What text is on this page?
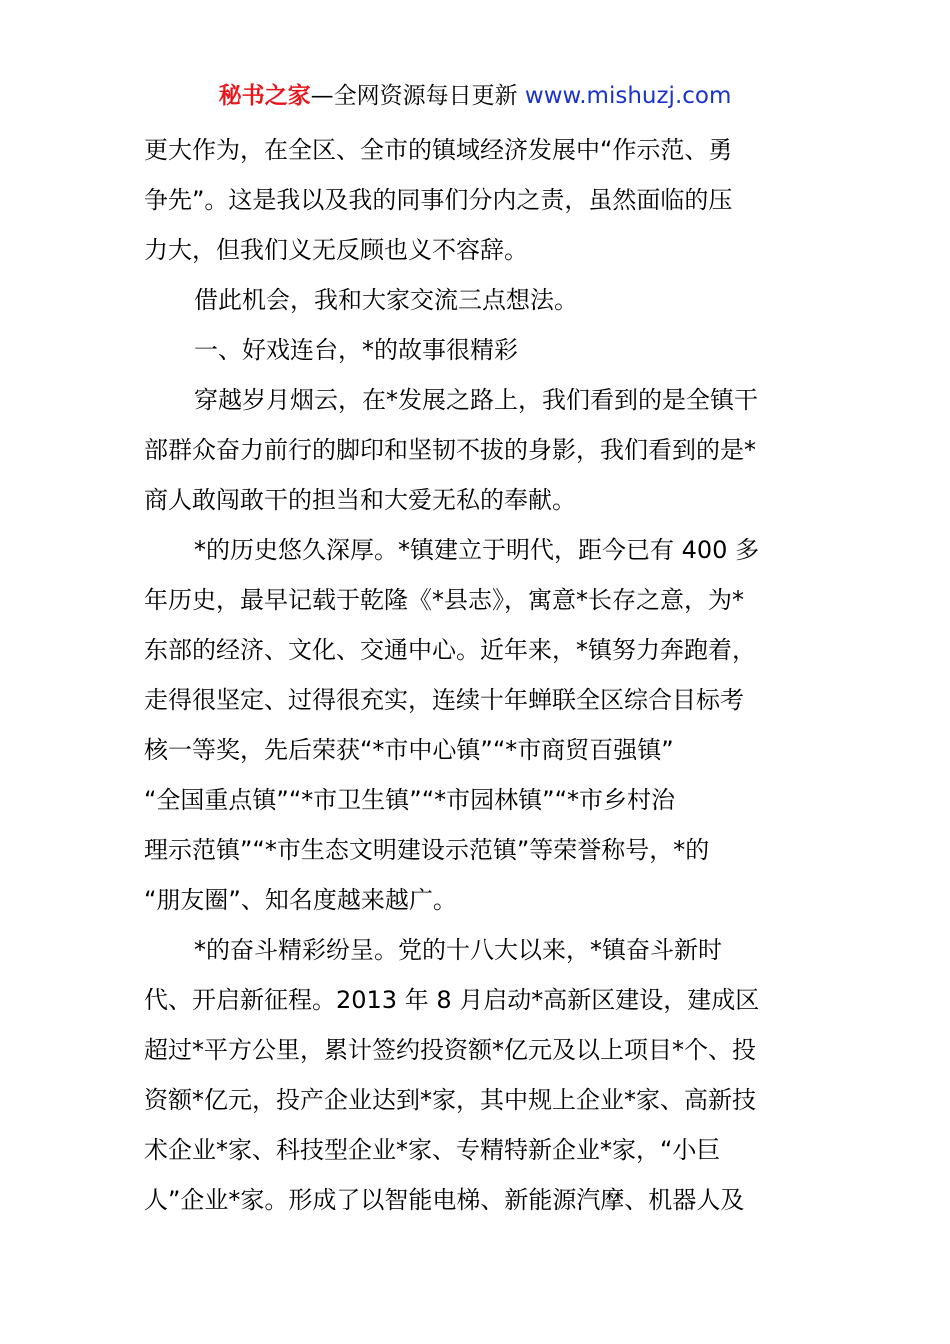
秘书之家—全网资源每日更新 www.mishuzj.com
更大作为，在全区、全市的镇域经济发展中“作示范、勇
争先”。这是我以及我的同事们分内之责，虽然面临的压
力大，但我们义无反顾也义不容辞。
借此机会，我和大家交流三点想法。
一、好戏连台，*的故事很精彩
穿越岁月烟云，在*发展之路上，我们看到的是全镇干
部群众奋力前行的脚印和坚韧不拔的身影，我们看到的是*
商人敢闯敢干的担当和大爱无私的奉献。
*的历史悠久深厚。*镇建立于明代，距今已有 400 多
年历史，最早记载于乾隆《*县志》，寓意*长存之意，为*
东部的经济、文化、交通中心。近年来，*镇努力奔跑着，
走得很坚定、过得很充实，连续十年蝉联全区综合目标考
核一等奖，先后荣获“*市中心镇”“*市商贸百强镇”
“全国重点镇”“*市卫生镇”“*市园林镇”“*市乡村治
理示范镇”“*市生态文明建设示范镇”等荣誉称号，*的
“朋友圈”、知名度越来越广。
*的奋斗精彩纷呈。党的十八大以来，*镇奋斗新时
代、开启新征程。2013 年 8 月启动*高新区建设，建成区
超过*平方公里，累计签约投资额*亿元及以上项目*个、投
资额*亿元，投产企业达到*家，其中规上企业*家、高新技
术企业*家、科技型企业*家、专精特新企业*家，“小巨
人”企业*家。形成了以智能电梯、新能源汽摩、机器人及
